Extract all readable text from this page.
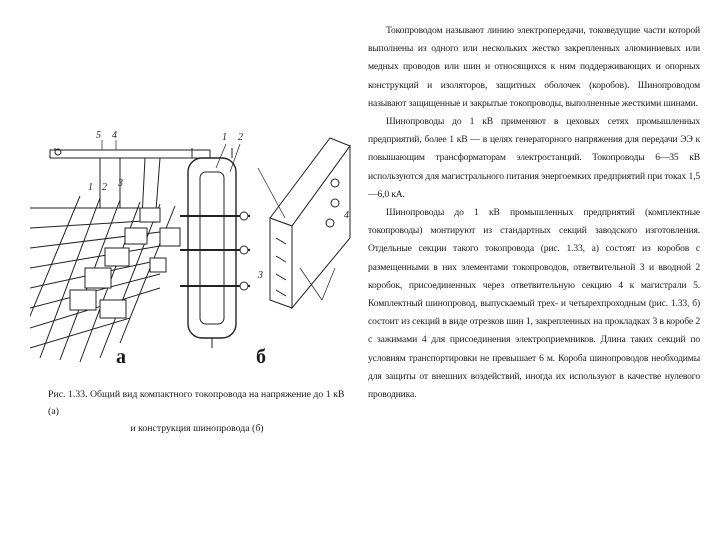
Токопроводом называют линию электропередачи, токоведущие части которой выполнены из одного или нескольких жестко закрепленных алюминиевых или медных проводов или шин и относящихся к ним поддерживающих и опорных конструкций и изоляторов, защитных оболочек (коробов). Шинопроводом называют защищенные и закрытые токопроводы, выполненные жесткими шинами.

Шинопроводы до 1 кВ применяют в цеховых сетях промышленных предприятий, более 1 кВ — в целях генераторного напряжения для передачи ЭЭ к повышающим трансформаторам электростанций. Токопроводы 6—35 кВ используются для магистрального питания энергоемких предприятий при токах 1,5—6,0 кА.

Шинопроводы до 1 кВ промышленных предприятий (комплектные токопроводы) монтируют из стандартных секций заводского изготовления. Отдельные секции такого токопровода (рис. 1.33, а) состоят из коробов с размещенными в них элементами токопроводов, ответвительной 3 и вводной 2 коробок, присоединенных через ответвительную секцию 4 к магистрали 5. Комплектный шинопровод, выпускаемый трех- и четырехпроходным (рис. 1.33, б) состоит из секций в виде отрезков шин 1, закрепленных на прокладках 3 в коробе 2 с зажимами 4 для присоединения электроприемников. Длина таких секций по условиям транспортировки не превышает 6 м. Короба шинопроводов необходимы для защиты от внешних воздействий, иногда их используют в качестве нулевого проводника.

5 4
1 2 3
1 2
3
4
а	б
Рис. 1.33. Общий вид компактного токопровода на напряжение до 1 кВ (а)
и конструкция шинопровода (б)
